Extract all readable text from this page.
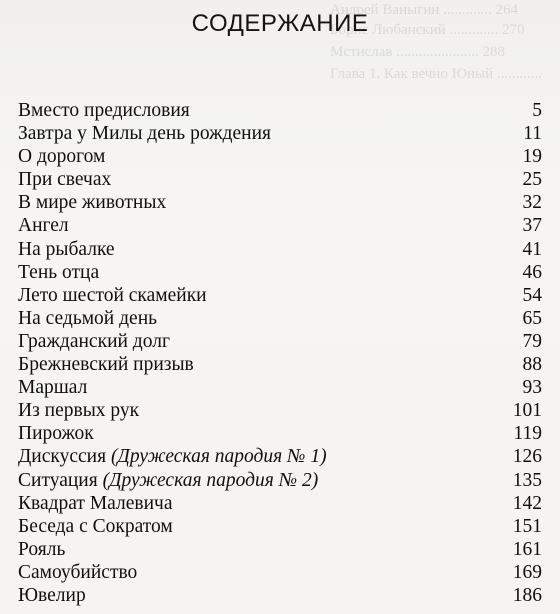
Андрей Ваныгин ............. 264
Борис Любанский ............. 270
Мстислав ...................... 288
Глава 1. Как вечно Юный ............
СОДЕРЖАНИЕ
Вместо предисловия	5
Завтра у Милы день рождения	11
О дорогом	19
При свечах	25
В мире животных	32
Ангел	37
На рыбалке	41
Тень отца	46
Лето шестой скамейки	54
На седьмой день	65
Гражданский долг	79
Брежневский призыв	88
Маршал	93
Из первых рук	101
Пирожок	119
Дискуссия (Дружеская пародия № 1)	126
Ситуация (Дружеская пародия № 2)	135
Квадрат Малевича	142
Беседа с Сократом	151
Рояль	161
Самоубийство	169
Ювелир	186
